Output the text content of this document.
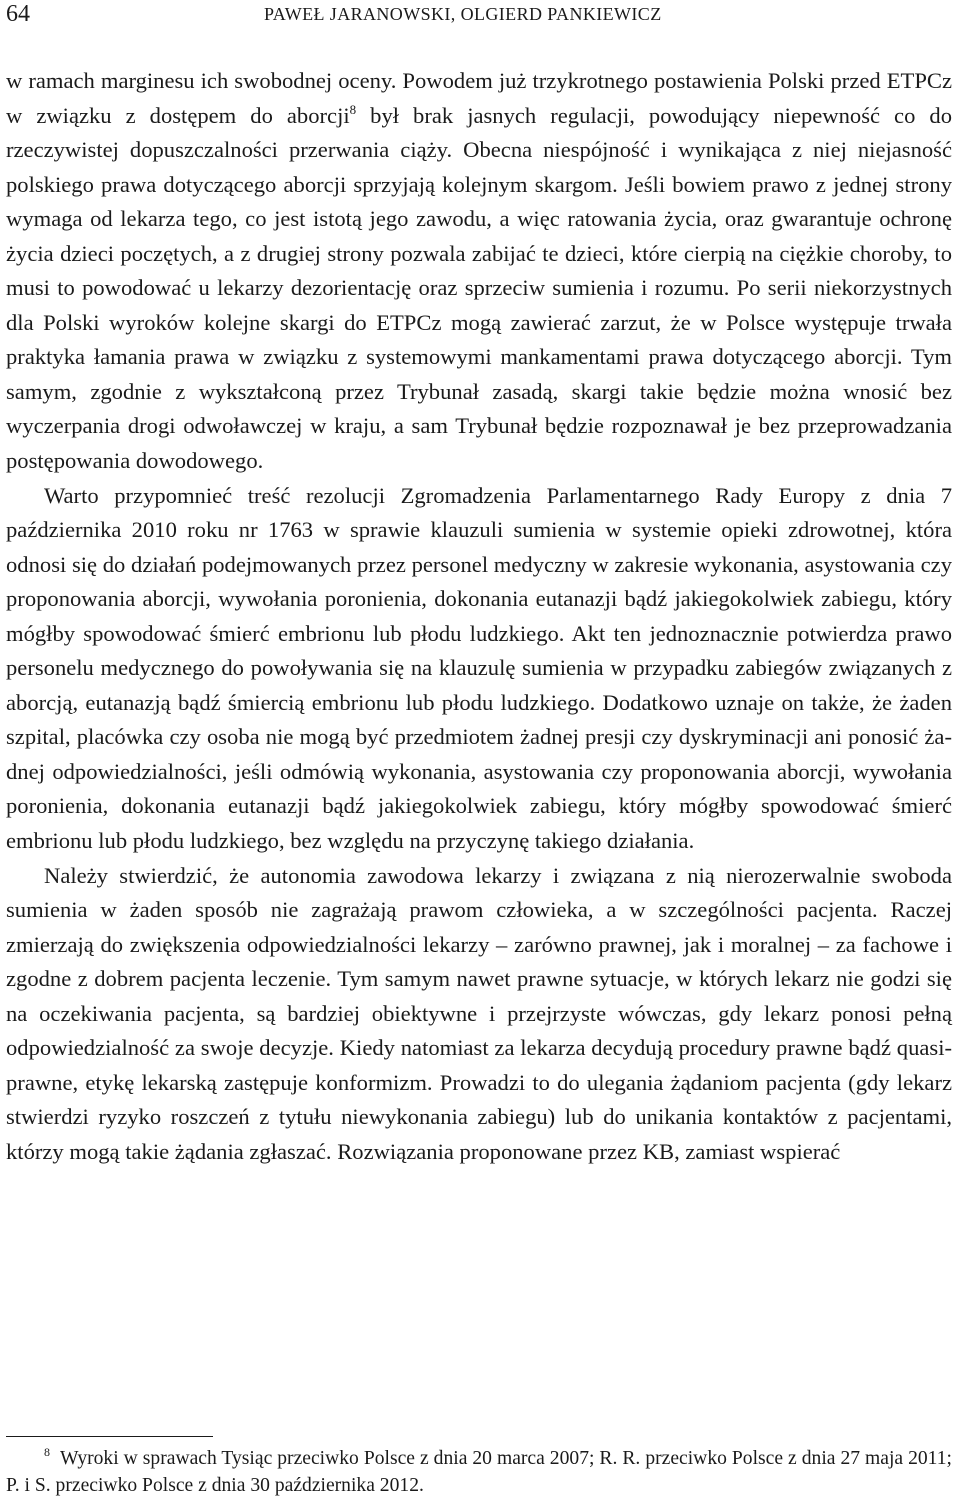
64	PAWEŁ JARANOWSKI, OLGIERD PANKIEWICZ

w ramach marginesu ich swobodnej oceny. Powodem już trzykrotnego postawienia Polski przed ETPCz w związku z dostępem do aborcji$^8$ był brak jasnych regulacji, powodujący niepewność co do rzeczywistej dopuszczalności przerwania ciąży. Obecna niespójność i wynikająca z niej niejasność polskiego prawa dotyczącego aborcji sprzyjają kolejnym skargom. Jeśli bowiem prawo z jednej strony wymaga od lekarza tego, co jest istotą jego zawodu, a więc ratowania życia, oraz gwarantuje ochronę życia dzieci poczętych, a z drugiej strony pozwala zabijać te dzieci, które cierpią na ciężkie choroby, to musi to powodować u lekarzy dezorientację oraz sprzeciw sumienia i rozumu. Po serii niekorzystnych dla Polski wyroków kolejne skargi do ETPCz mogą zawierać zarzut, że w Polsce występuje trwała praktyka łamania prawa w związku z systemowymi mankamentami prawa dotyczącego aborcji. Tym samym, zgodnie z wykształconą przez Trybunał zasadą, skargi takie będzie można wnosić bez wyczerpania drogi odwoławczej w kraju, a sam Trybunał będzie rozpoznawał je bez przeprowadzania postępowania dowodowego.

Warto przypomnieć treść rezolucji Zgromadzenia Parlamentarnego Rady Europy z dnia 7 października 2010 roku nr 1763 w sprawie klauzuli sumienia w systemie opieki zdrowotnej, która odnosi się do działań podejmowanych przez personel medyczny w zakresie wykonania, asystowania czy proponowania aborcji, wywołania poronienia, dokonania eutanazji bądź jakiegokolwiek zabiegu, który mógłby spowodować śmierć embrionu lub płodu ludzkiego. Akt ten jednoznacznie potwierdza prawo personelu medycznego do powoływania się na klauzulę sumienia w przypadku zabiegów związanych z aborcją, eutanazją bądź śmiercią embrionu lub płodu ludzkiego. Dodatkowo uznaje on także, że żaden szpital, placówka czy osoba nie mogą być przedmiotem żadnej presji czy dyskryminacji ani ponosić żadnej odpowiedzialności, jeśli odmówią wykonania, asystowania czy proponowania aborcji, wywołania poronienia, dokonania eutanazji bądź jakiegokolwiek zabiegu, który mógłby spowodować śmierć embrionu lub płodu ludzkiego, bez względu na przyczynę takiego działania.

Należy stwierdzić, że autonomia zawodowa lekarzy i związana z nią nierozerwalnie swoboda sumienia w żaden sposób nie zagrażają prawom człowieka, a w szczególności pacjenta. Raczej zmierzają do zwiększenia odpowiedzialności lekarzy – zarówno prawnej, jak i moralnej – za fachowe i zgodne z dobrem pacjenta leczenie. Tym samym nawet prawne sytuacje, w których lekarz nie godzi się na oczekiwania pacjenta, są bardziej obiektywne i przejrzyste wówczas, gdy lekarz ponosi pełną odpowiedzialność za swoje decyzje. Kiedy natomiast za lekarza decydują procedury prawne bądź quasi-prawne, etykę lekarską zastępuje konformizm. Prowadzi to do ulegania żądaniom pacjenta (gdy lekarz stwierdzi ryzyko roszczeń z tytułu niewykonania zabiegu) lub do unikania kontaktów z pacjentami, którzy mogą takie żądania zgłaszać. Rozwiązania proponowane przez KB, zamiast wspierać

$^8$ Wyroki w sprawach Tysiąc przeciwko Polsce z dnia 20 marca 2007; R. R. przeciwko Polsce z dnia 27 maja 2011; P. i S. przeciwko Polsce z dnia 30 października 2012.
